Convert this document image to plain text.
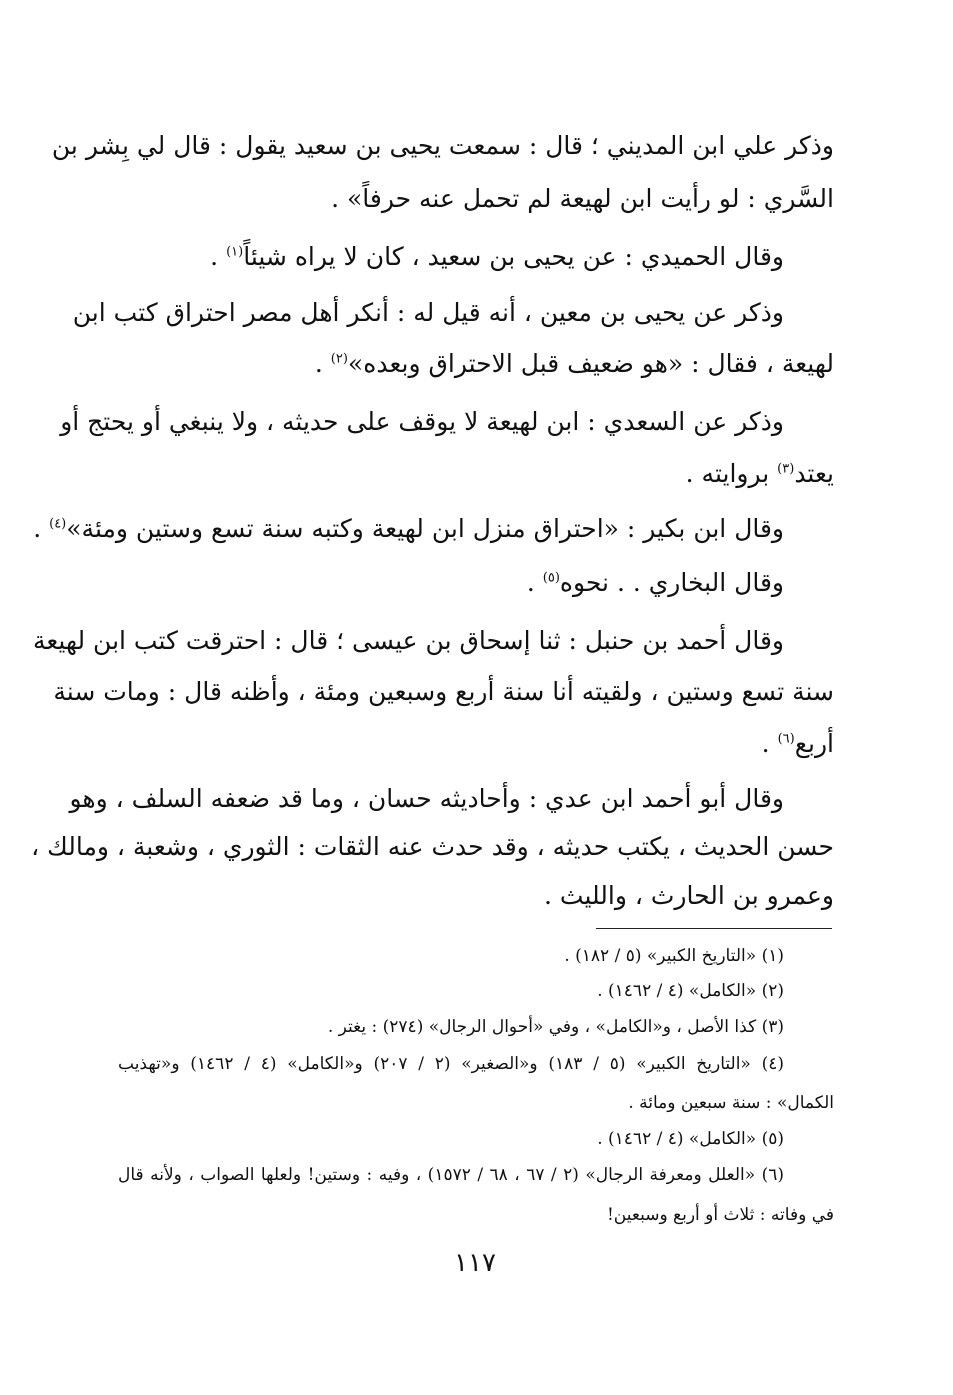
وذكر علي ابن المديني ؛ قال : سمعت يحيى بن سعيد يقول : قال لي بِشر بن
السَّري : لو رأيت ابن لهيعة لم تحمل عنه حرفاً» .
وقال الحميدي : عن يحيى بن سعيد ، كان لا يراه شيئاً$^{(١)}$ .
وذكر عن يحيى بن معين ، أنه قيل له : أنكر أهل مصر احتراق كتب ابن
لهيعة ، فقال : «هو ضعيف قبل الاحتراق وبعده»$^{(٢)}$ .
وذكر عن السعدي : ابن لهيعة لا يوقف على حديثه ، ولا ينبغي أو يحتج أو
يعتد$^{(٣)}$ بروايته .
وقال ابن بكير : «احتراق منزل ابن لهيعة وكتبه سنة تسع وستين ومئة»$^{(٤)}$ .
وقال البخاري . . نحوه$^{(٥)}$ .
وقال أحمد بن حنبل : ثنا إسحاق بن عيسى ؛ قال : احترقت كتب ابن لهيعة
سنة تسع وستين ، ولقيته أنا سنة أربع وسبعين ومئة ، وأظنه قال : ومات سنة
أربع$^{(٦)}$ .
وقال أبو أحمد ابن عدي : وأحاديثه حسان ، وما قد ضعفه السلف ، وهو
حسن الحديث ، يكتب حديثه ، وقد حدث عنه الثقات : الثوري ، وشعبة ، ومالك ،
وعمرو بن الحارث ، والليث .
(١) «التاريخ الكبير» (٥ / ١٨٢) .
(٢) «الكامل» (٤ / ١٤٦٢) .
(٣) كذا الأصل ، و«الكامل» ، وفي «أحوال الرجال» (٢٧٤) : يغتر .
(٤) «التاريخ الكبير» (٥ / ١٨٣) و«الصغير» (٢ / ٢٠٧) و«الكامل» (٤ / ١٤٦٢) و«تهذيب
الكمال» : سنة سبعين ومائة .
(٥) «الكامل» (٤ / ١٤٦٢) .
(٦) «العلل ومعرفة الرجال» (٢ / ٦٧ ، ٦٨ / ١٥٧٢) ، وفيه : وستين! ولعلها الصواب ، ولأنه قال
في وفاته : ثلاث أو أربع وسبعين!
١١٧
